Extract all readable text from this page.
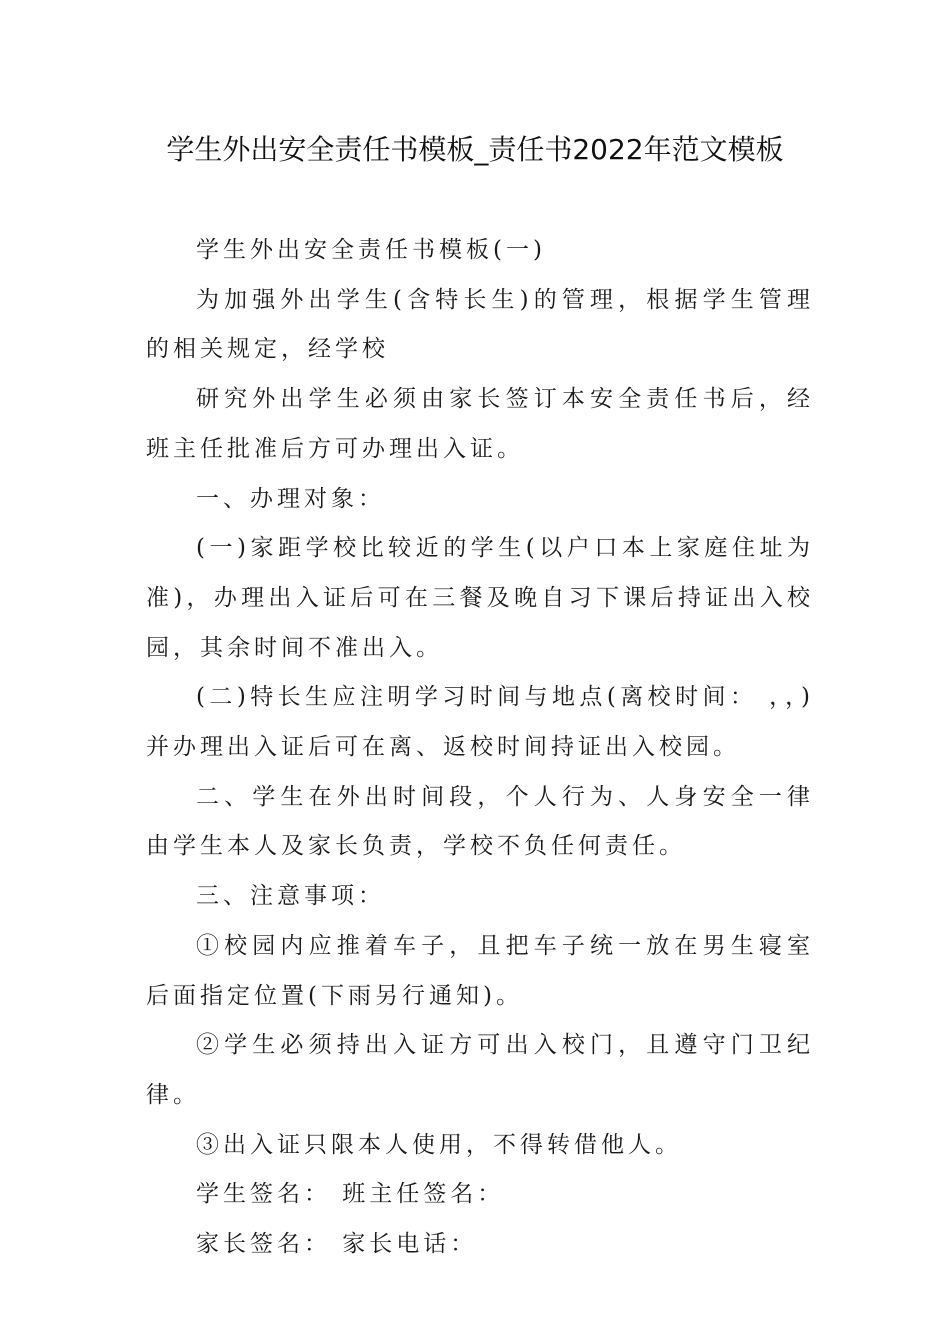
学生外出安全责任书模板_责任书2022年范文模板

学生外出安全责任书模板(一)

为加强外出学生(含特长生)的管理，根据学生管理的相关规定，经学校

研究外出学生必须由家长签订本安全责任书后，经班主任批准后方可办理出入证。

一、办理对象：

(一)家距学校比较近的学生(以户口本上家庭住址为准)，办理出入证后可在三餐及晚自习下课后持证出入校园，其余时间不准出入。

(二)特长生应注明学习时间与地点(离校时间： ，，)并办理出入证后可在离、返校时间持证出入校园。

二、学生在外出时间段，个人行为、人身安全一律由学生本人及家长负责，学校不负任何责任。

三、注意事项：

①校园内应推着车子，且把车子统一放在男生寝室后面指定位置(下雨另行通知)。

②学生必须持出入证方可出入校门，且遵守门卫纪律。

③出入证只限本人使用，不得转借他人。

学生签名： 班主任签名：

家长签名： 家长电话：
